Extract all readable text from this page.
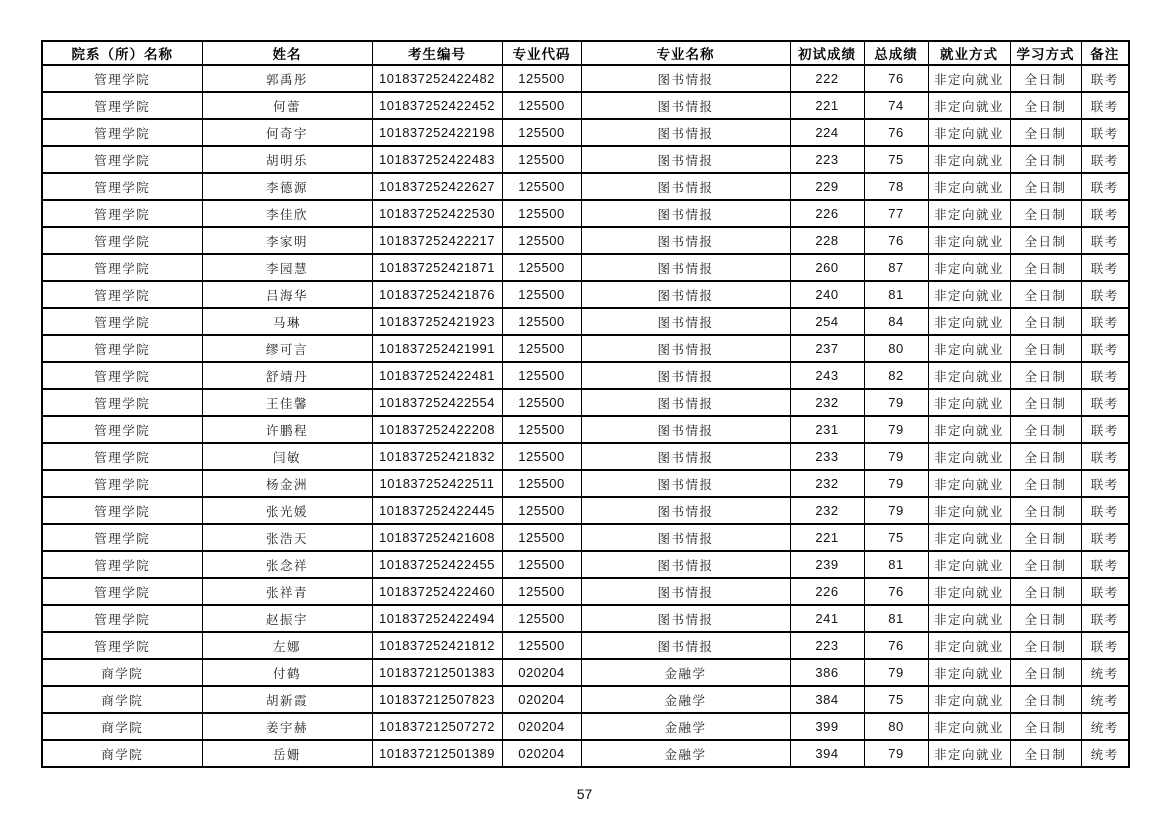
院系（所）名称	姓名	考生编号	专业代码	专业名称	初试成绩	总成绩	就业方式	学习方式	备注
管理学院	郭禹彤	101837252422482	125500	图书情报	222	76	非定向就业	全日制	联考
管理学院	何蕾	101837252422452	125500	图书情报	221	74	非定向就业	全日制	联考
管理学院	何奇宇	101837252422198	125500	图书情报	224	76	非定向就业	全日制	联考
管理学院	胡明乐	101837252422483	125500	图书情报	223	75	非定向就业	全日制	联考
管理学院	李德源	101837252422627	125500	图书情报	229	78	非定向就业	全日制	联考
管理学院	李佳欣	101837252422530	125500	图书情报	226	77	非定向就业	全日制	联考
管理学院	李家明	101837252422217	125500	图书情报	228	76	非定向就业	全日制	联考
管理学院	李园慧	101837252421871	125500	图书情报	260	87	非定向就业	全日制	联考
管理学院	吕海华	101837252421876	125500	图书情报	240	81	非定向就业	全日制	联考
管理学院	马琳	101837252421923	125500	图书情报	254	84	非定向就业	全日制	联考
管理学院	缪可言	101837252421991	125500	图书情报	237	80	非定向就业	全日制	联考
管理学院	舒靖丹	101837252422481	125500	图书情报	243	82	非定向就业	全日制	联考
管理学院	王佳馨	101837252422554	125500	图书情报	232	79	非定向就业	全日制	联考
管理学院	许鹏程	101837252422208	125500	图书情报	231	79	非定向就业	全日制	联考
管理学院	闫敏	101837252421832	125500	图书情报	233	79	非定向就业	全日制	联考
管理学院	杨金洲	101837252422511	125500	图书情报	232	79	非定向就业	全日制	联考
管理学院	张光媛	101837252422445	125500	图书情报	232	79	非定向就业	全日制	联考
管理学院	张浩天	101837252421608	125500	图书情报	221	75	非定向就业	全日制	联考
管理学院	张念祥	101837252422455	125500	图书情报	239	81	非定向就业	全日制	联考
管理学院	张祥青	101837252422460	125500	图书情报	226	76	非定向就业	全日制	联考
管理学院	赵振宇	101837252422494	125500	图书情报	241	81	非定向就业	全日制	联考
管理学院	左娜	101837252421812	125500	图书情报	223	76	非定向就业	全日制	联考
商学院	付鹤	101837212501383	020204	金融学	386	79	非定向就业	全日制	统考
商学院	胡新霞	101837212507823	020204	金融学	384	75	非定向就业	全日制	统考
商学院	姜宇赫	101837212507272	020204	金融学	399	80	非定向就业	全日制	统考
商学院	岳姗	101837212501389	020204	金融学	394	79	非定向就业	全日制	统考
57
